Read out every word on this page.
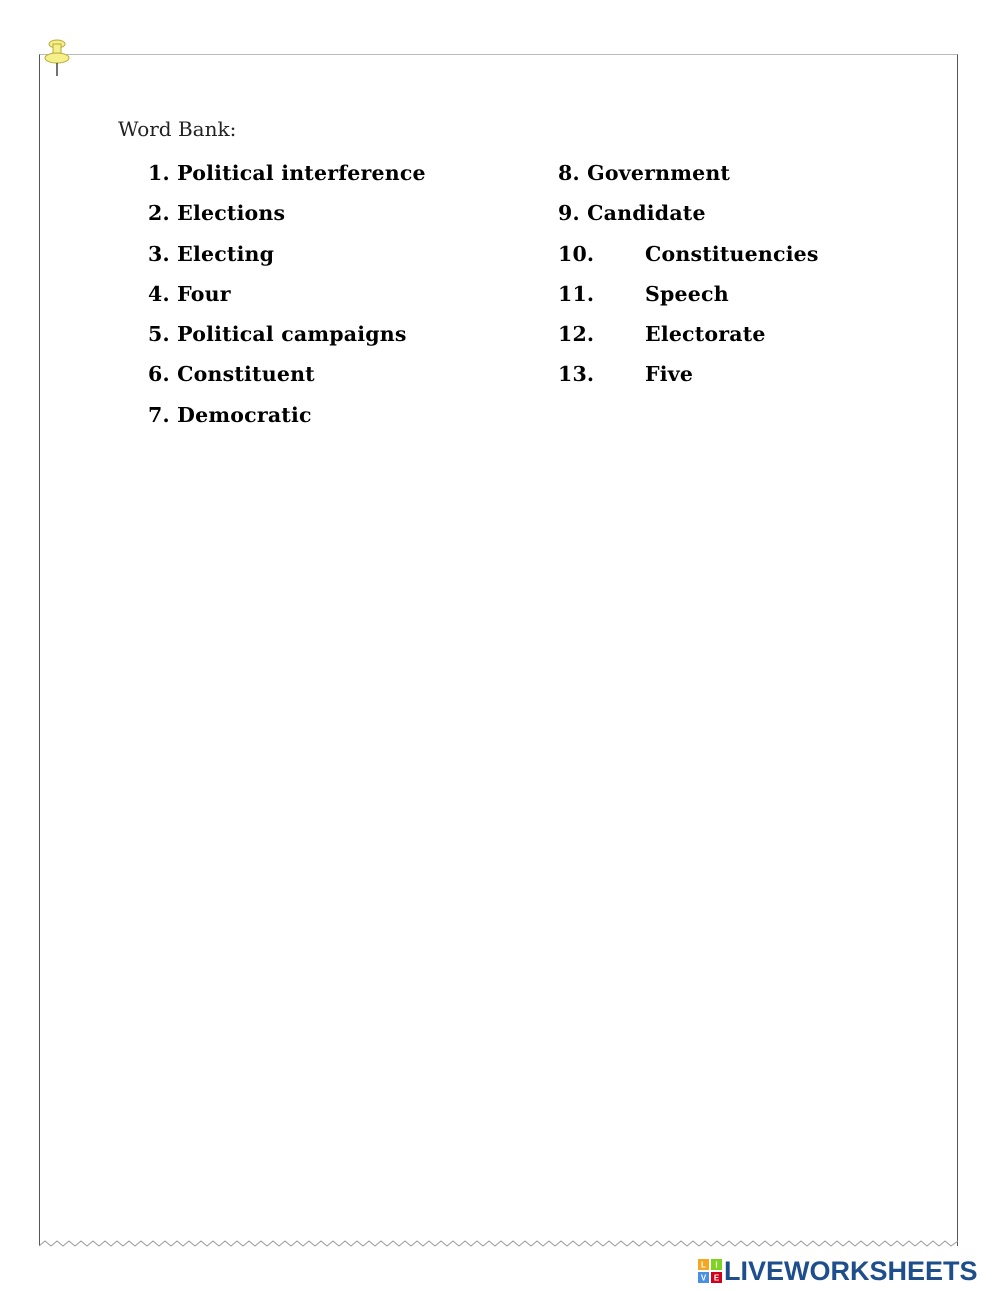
Word Bank:
1. Political interference
2. Elections
3. Electing
4. Four
5. Political campaigns
6. Constituent
7. Democratic
8. Government
9. Candidate
10. Constituencies
11. Speech
12. Electorate
13. Five
L I
V E LIVEWORKSHEETS
